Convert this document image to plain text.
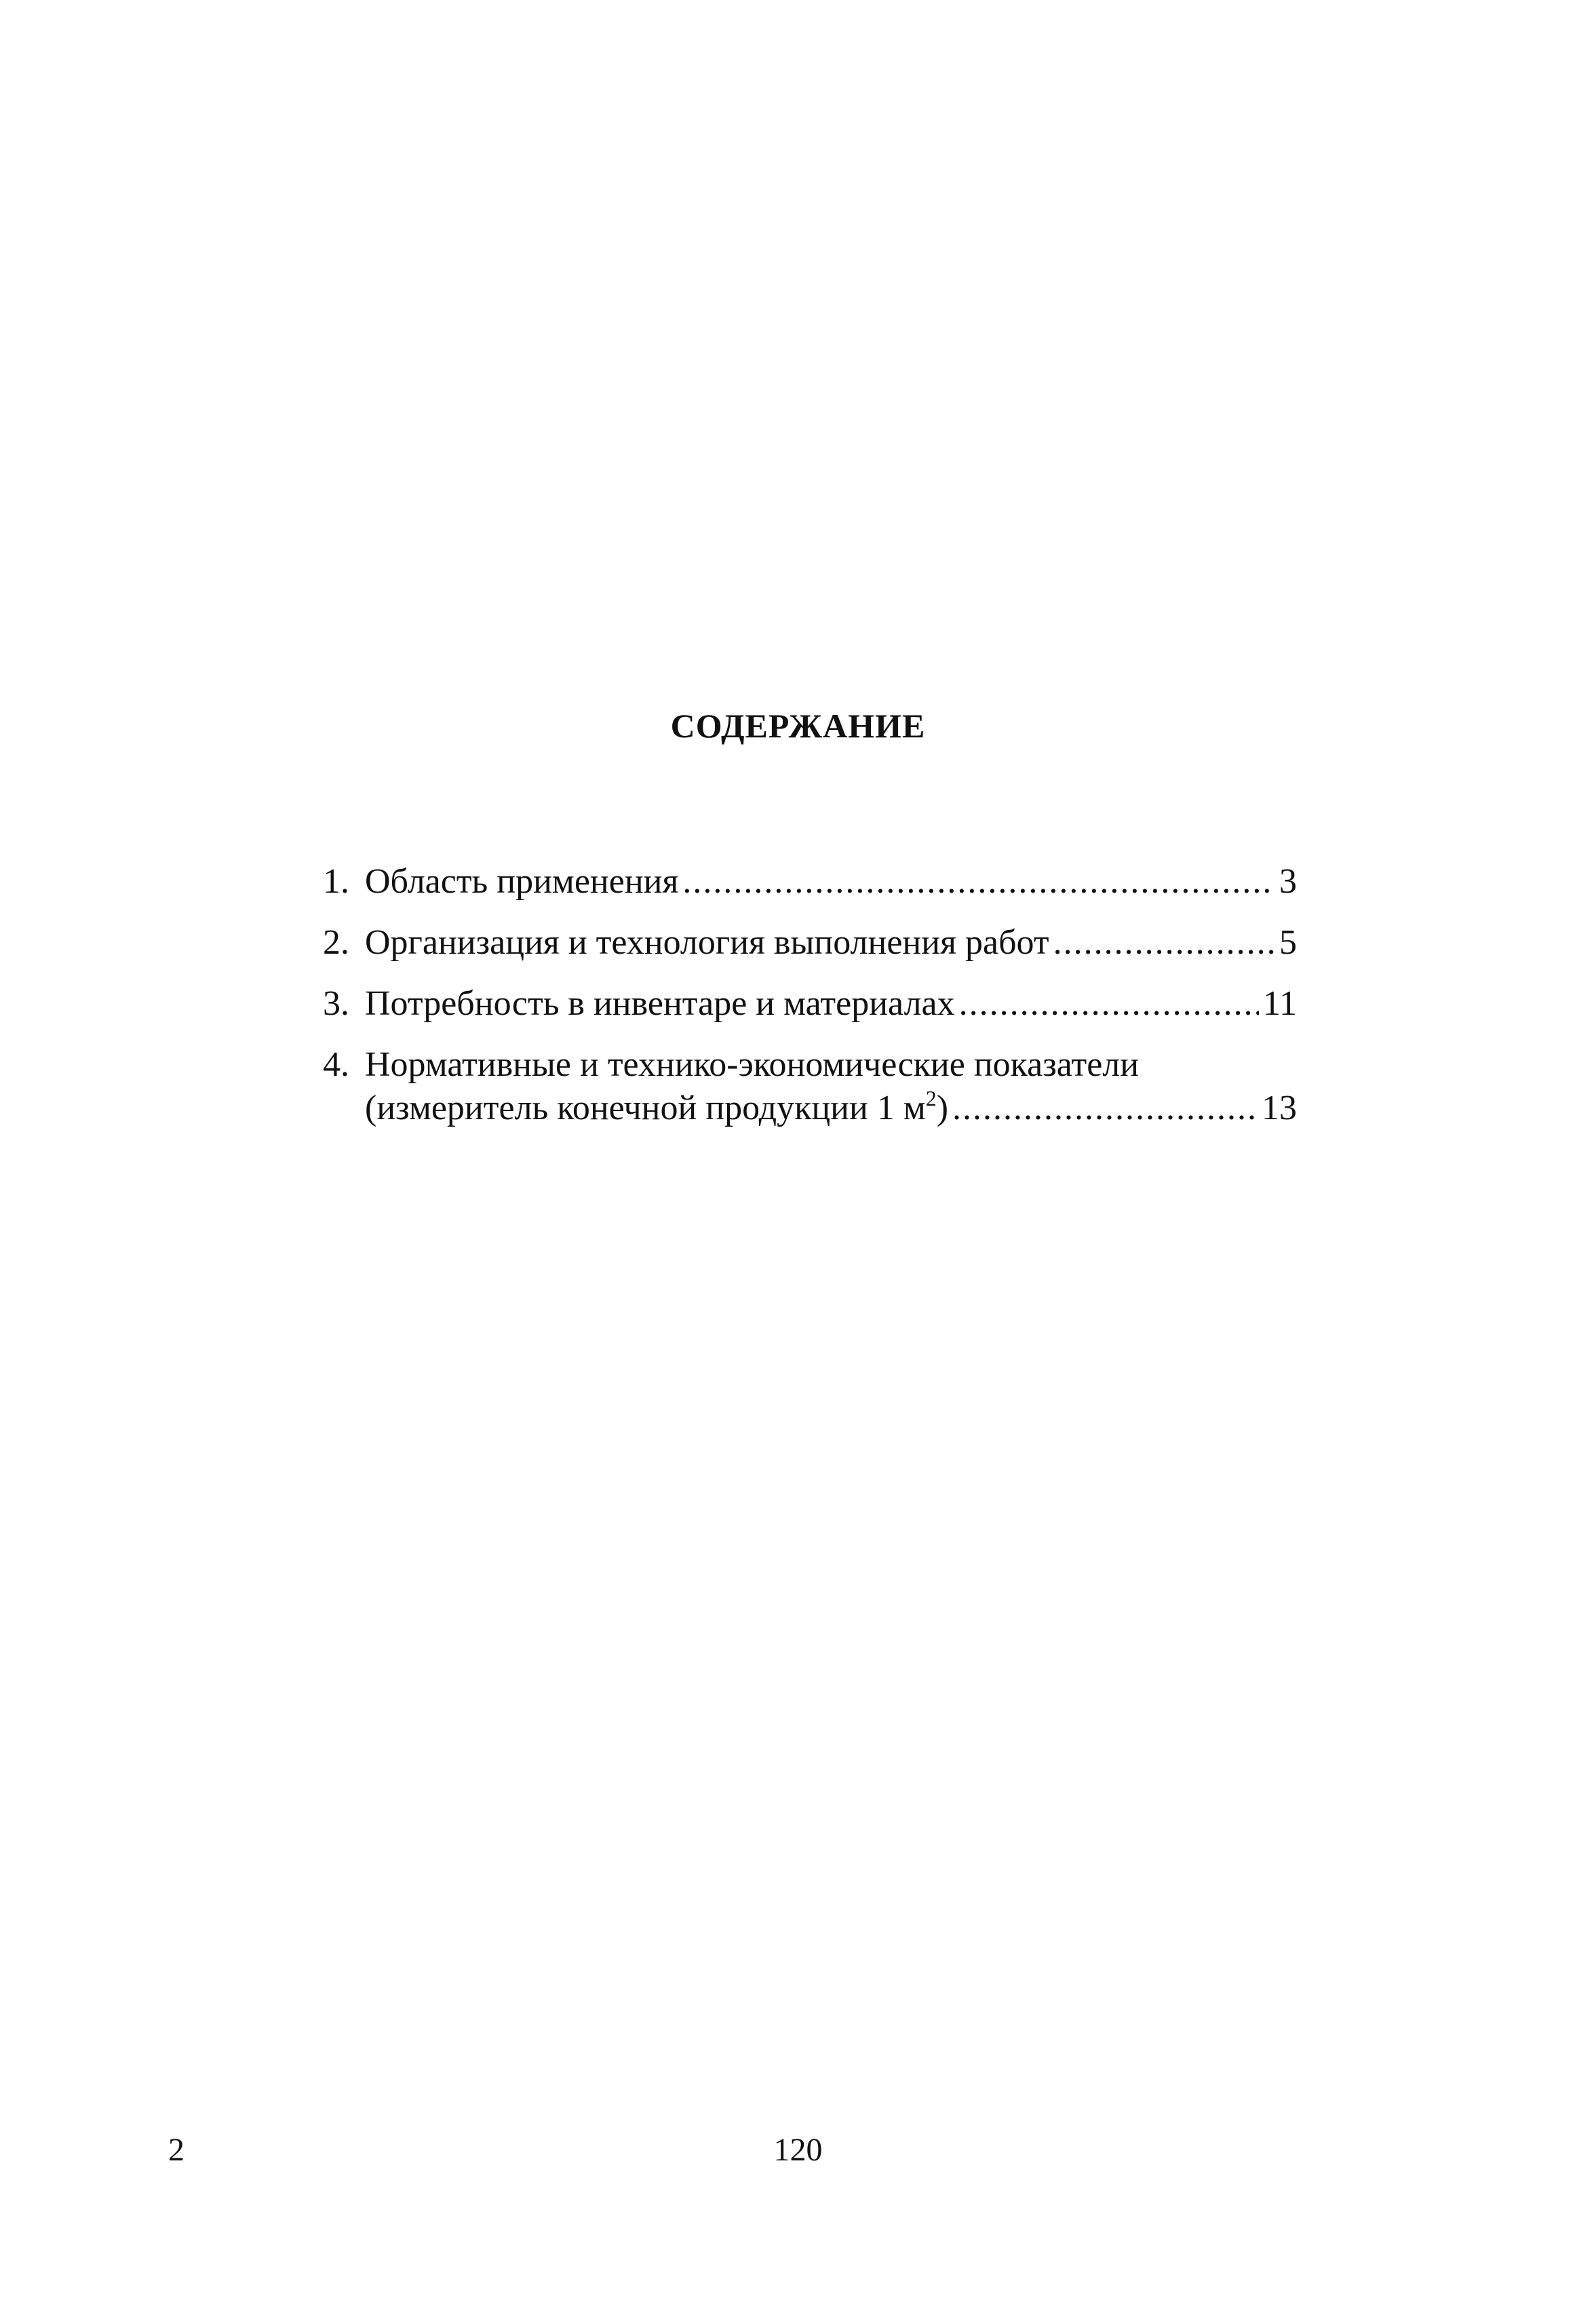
СОДЕРЖАНИЕ
1. Область применения .....	3
2. Организация и технология выполнения работ .....	5
3. Потребность в инвентаре и материалах .....	11
4. Нормативные и технико-экономические показатели
(измеритель конечной продукции 1 $м^2$) .....	13
2	120
